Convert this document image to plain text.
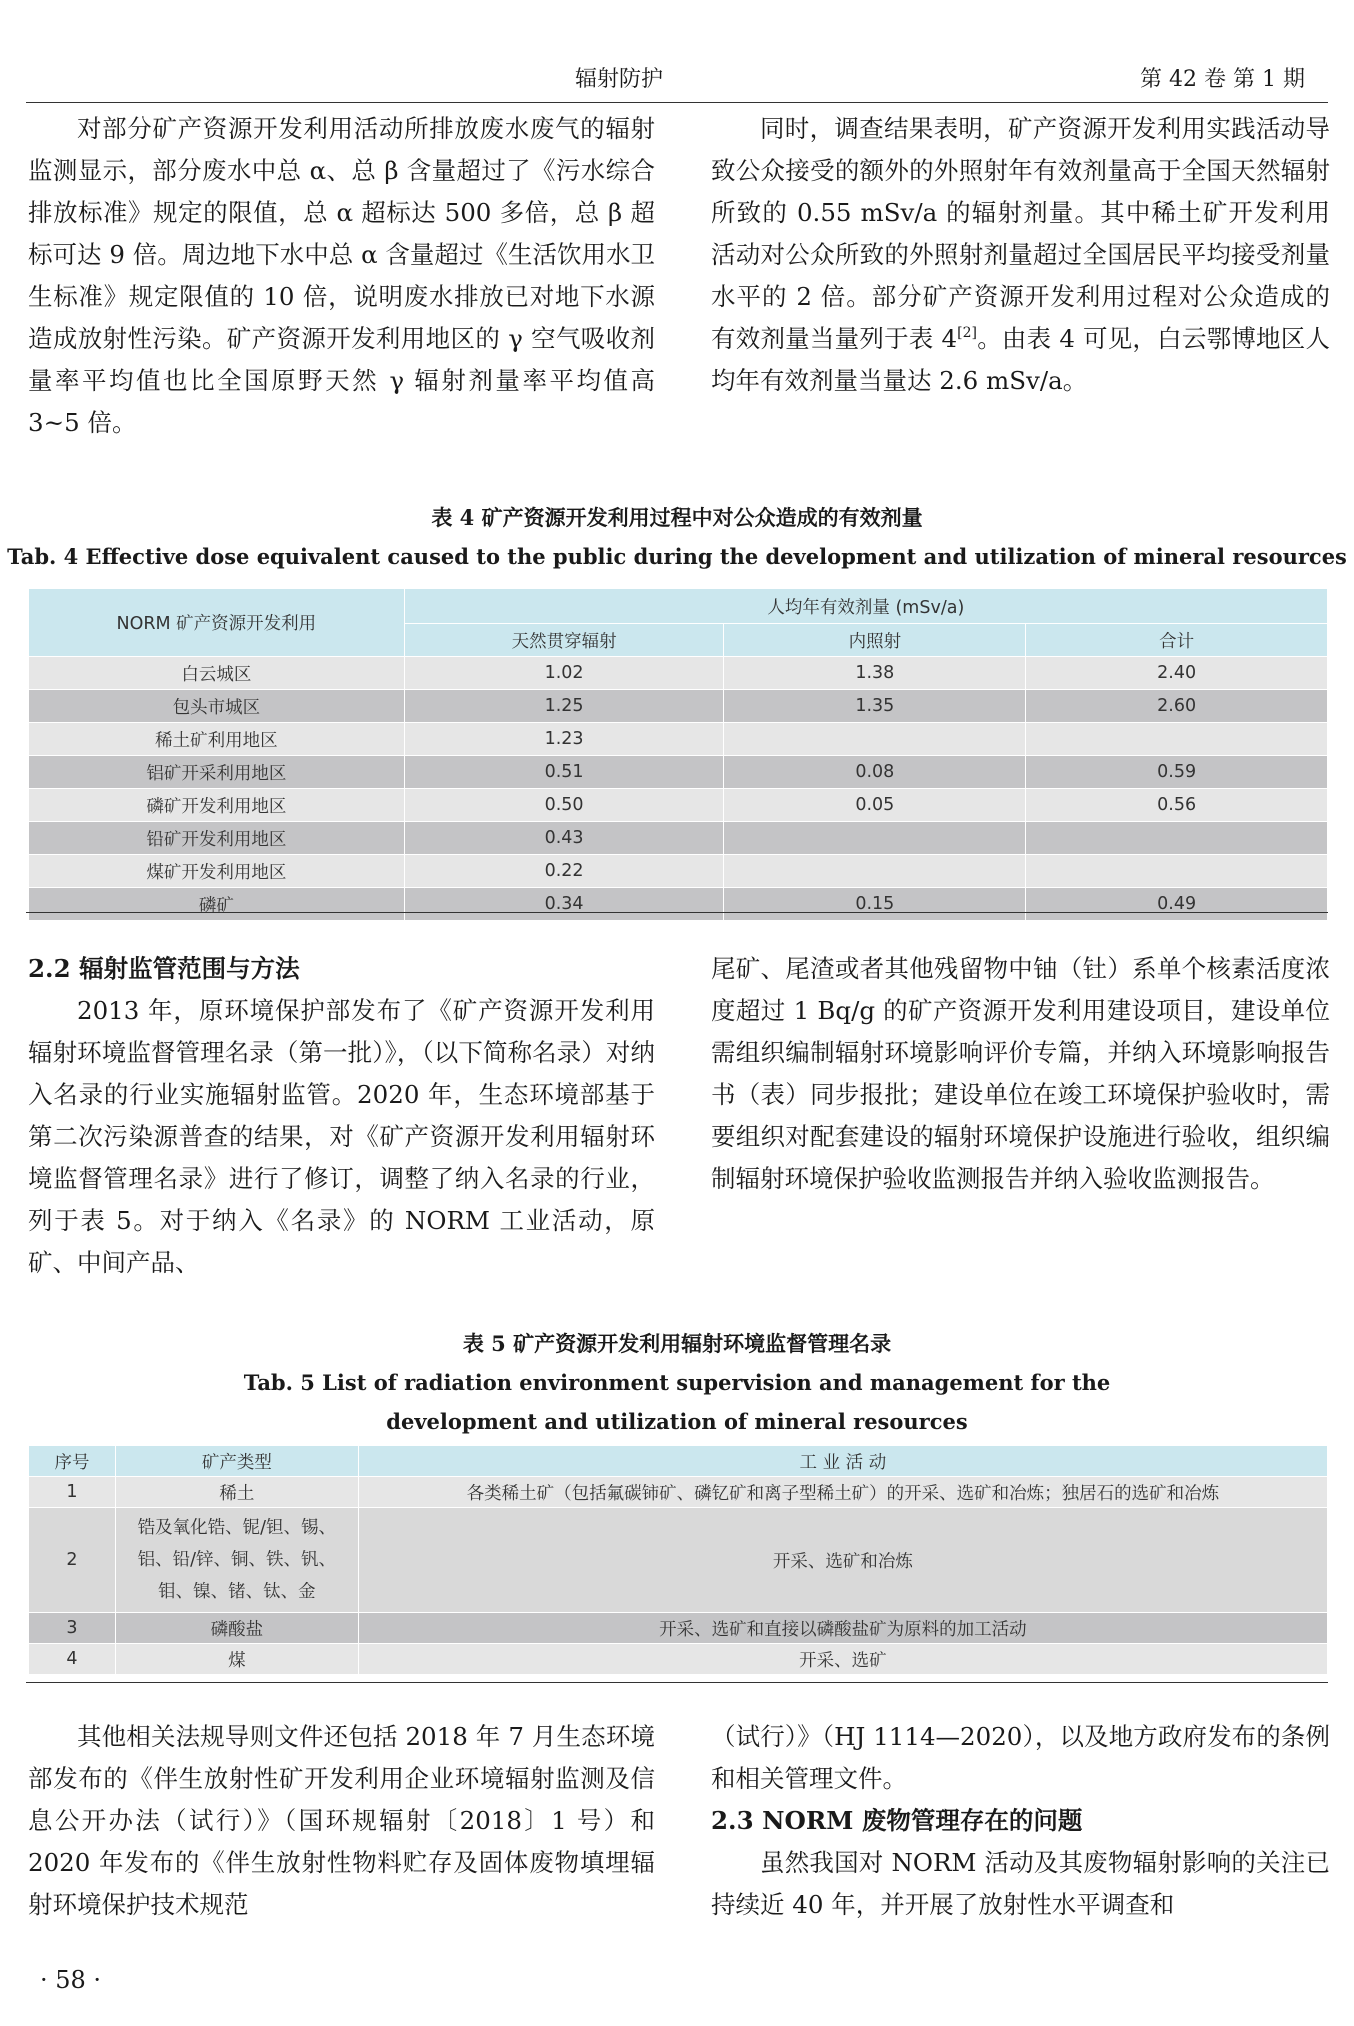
辐射防护	第 42 卷 第 1 期

对部分矿产资源开发利用活动所排放废水废气的辐射监测显示，部分废水中总 α、总 β 含量超过了《污水综合排放标准》规定的限值，总 α 超标达 500 多倍，总 β 超标可达 9 倍。周边地下水中总 α 含量超过《生活饮用水卫生标准》规定限值的 10 倍，说明废水排放已对地下水源造成放射性污染。矿产资源开发利用地区的 γ 空气吸收剂量率平均值也比全国原野天然 γ 辐射剂量率平均值高 3~5 倍。

同时，调查结果表明，矿产资源开发利用实践活动导致公众接受的额外的外照射年有效剂量高于全国天然辐射所致的 0.55 mSv/a 的辐射剂量。其中稀土矿开发利用活动对公众所致的外照射剂量超过全国居民平均接受剂量水平的 2 倍。部分矿产资源开发利用过程对公众造成的有效剂量当量列于表 4[2]。由表 4 可见，白云鄂博地区人均年有效剂量当量达 2.6 mSv/a。

表 4 矿产资源开发利用过程中对公众造成的有效剂量
Tab. 4 Effective dose equivalent caused to the public during the development and utilization of mineral resources
NORM 矿产资源开发利用	人均年有效剂量 (mSv/a)		
	天然贯穿辐射	内照射	合计
白云城区	1.02	1.38	2.40
包头市城区	1.25	1.35	2.60
稀土矿利用地区	1.23		
铝矿开采利用地区	0.51	0.08	0.59
磷矿开发利用地区	0.50	0.05	0.56
铅矿开发利用地区	0.43		
煤矿开发利用地区	0.22		
磷矿	0.34	0.15	0.49

2.2 辐射监管范围与方法

2013 年，原环境保护部发布了《矿产资源开发利用辐射环境监督管理名录（第一批）》，（以下简称名录）对纳入名录的行业实施辐射监管。2020 年，生态环境部基于第二次污染源普查的结果，对《矿产资源开发利用辐射环境监督管理名录》进行了修订，调整了纳入名录的行业，列于表 5。对于纳入《名录》的 NORM 工业活动，原矿、中间产品、

尾矿、尾渣或者其他残留物中铀（钍）系单个核素活度浓度超过 1 Bq/g 的矿产资源开发利用建设项目，建设单位需组织编制辐射环境影响评价专篇，并纳入环境影响报告书（表）同步报批；建设单位在竣工环境保护验收时，需要组织对配套建设的辐射环境保护设施进行验收，组织编制辐射环境保护验收监测报告并纳入验收监测报告。

表 5 矿产资源开发利用辐射环境监督管理名录
Tab. 5 List of radiation environment supervision and management for the
development and utilization of mineral resources
序号	矿产类型	工 业 活 动
1	稀土	各类稀土矿（包括氟碳铈矿、磷钇矿和离子型稀土矿）的开采、选矿和冶炼；独居石的选矿和冶炼
2	锆及氧化锆、铌/钽、锡、
铝、铅/锌、铜、铁、钒、
钼、镍、锗、钛、金	开采、选矿和冶炼
3	磷酸盐	开采、选矿和直接以磷酸盐矿为原料的加工活动
4	煤	开采、选矿

其他相关法规导则文件还包括 2018 年 7 月生态环境部发布的《伴生放射性矿开发利用企业环境辐射监测及信息公开办法（试行）》（国环规辐射〔2018〕1 号）和 2020 年发布的《伴生放射性物料贮存及固体废物填埋辐射环境保护技术规范

（试行）》（HJ 1114—2020），以及地方政府发布的条例和相关管理文件。

2.3 NORM 废物管理存在的问题

虽然我国对 NORM 活动及其废物辐射影响的关注已持续近 40 年，并开展了放射性水平调查和

· 58 ·
